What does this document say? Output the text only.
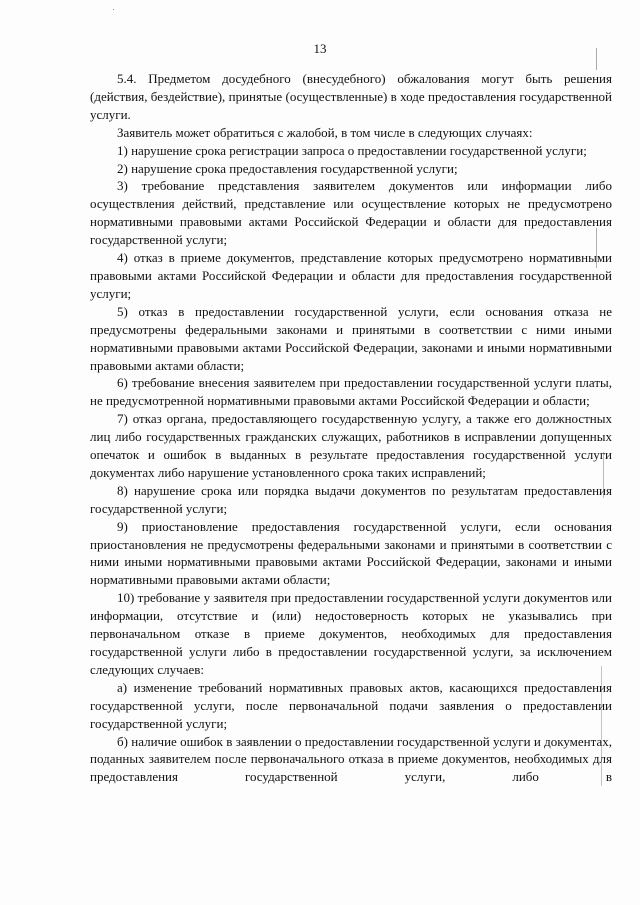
13

5.4. Предметом досудебного (внесудебного) обжалования могут быть решения (действия, бездействие), принятые (осуществленные) в ходе предоставления государственной услуги.

Заявитель может обратиться с жалобой, в том числе в следующих случаях:

1) нарушение срока регистрации запроса о предоставлении государственной услуги;

2) нарушение срока предоставления государственной услуги;

3) требование представления заявителем документов или информации либо осуществления действий, представление или осуществление которых не предусмотрено нормативными правовыми актами Российской Федерации и области для предоставления государственной услуги;

4) отказ в приеме документов, представление которых предусмотрено нормативными правовыми актами Российской Федерации и области для предоставления государственной услуги;

5) отказ в предоставлении государственной услуги, если основания отказа не предусмотрены федеральными законами и принятыми в соответствии с ними иными нормативными правовыми актами Российской Федерации, законами и иными нормативными правовыми актами области;

6) требование внесения заявителем при предоставлении государственной услуги платы, не предусмотренной нормативными правовыми актами Российской Федерации и области;

7) отказ органа, предоставляющего государственную услугу, а также его должностных лиц либо государственных гражданских служащих, работников в исправлении допущенных опечаток и ошибок в выданных в результате предоставления государственной услуги документах либо нарушение установленного срока таких исправлений;

8) нарушение срока или порядка выдачи документов по результатам предоставления государственной услуги;

9) приостановление предоставления государственной услуги, если основания приостановления не предусмотрены федеральными законами и принятыми в соответствии с ними иными нормативными правовыми актами Российской Федерации, законами и иными нормативными правовыми актами области;

10) требование у заявителя при предоставлении государственной услуги документов или информации, отсутствие и (или) недостоверность которых не указывались при первоначальном отказе в приеме документов, необходимых для предоставления государственной услуги либо в предоставлении государственной услуги, за исключением следующих случаев:

а) изменение требований нормативных правовых актов, касающихся предоставления государственной услуги, после первоначальной подачи заявления о предоставлении государственной услуги;

б) наличие ошибок в заявлении о предоставлении государственной услуги и документах, поданных заявителем после первоначального отказа в приеме документов, необходимых для предоставления государственной услуги, либо в
